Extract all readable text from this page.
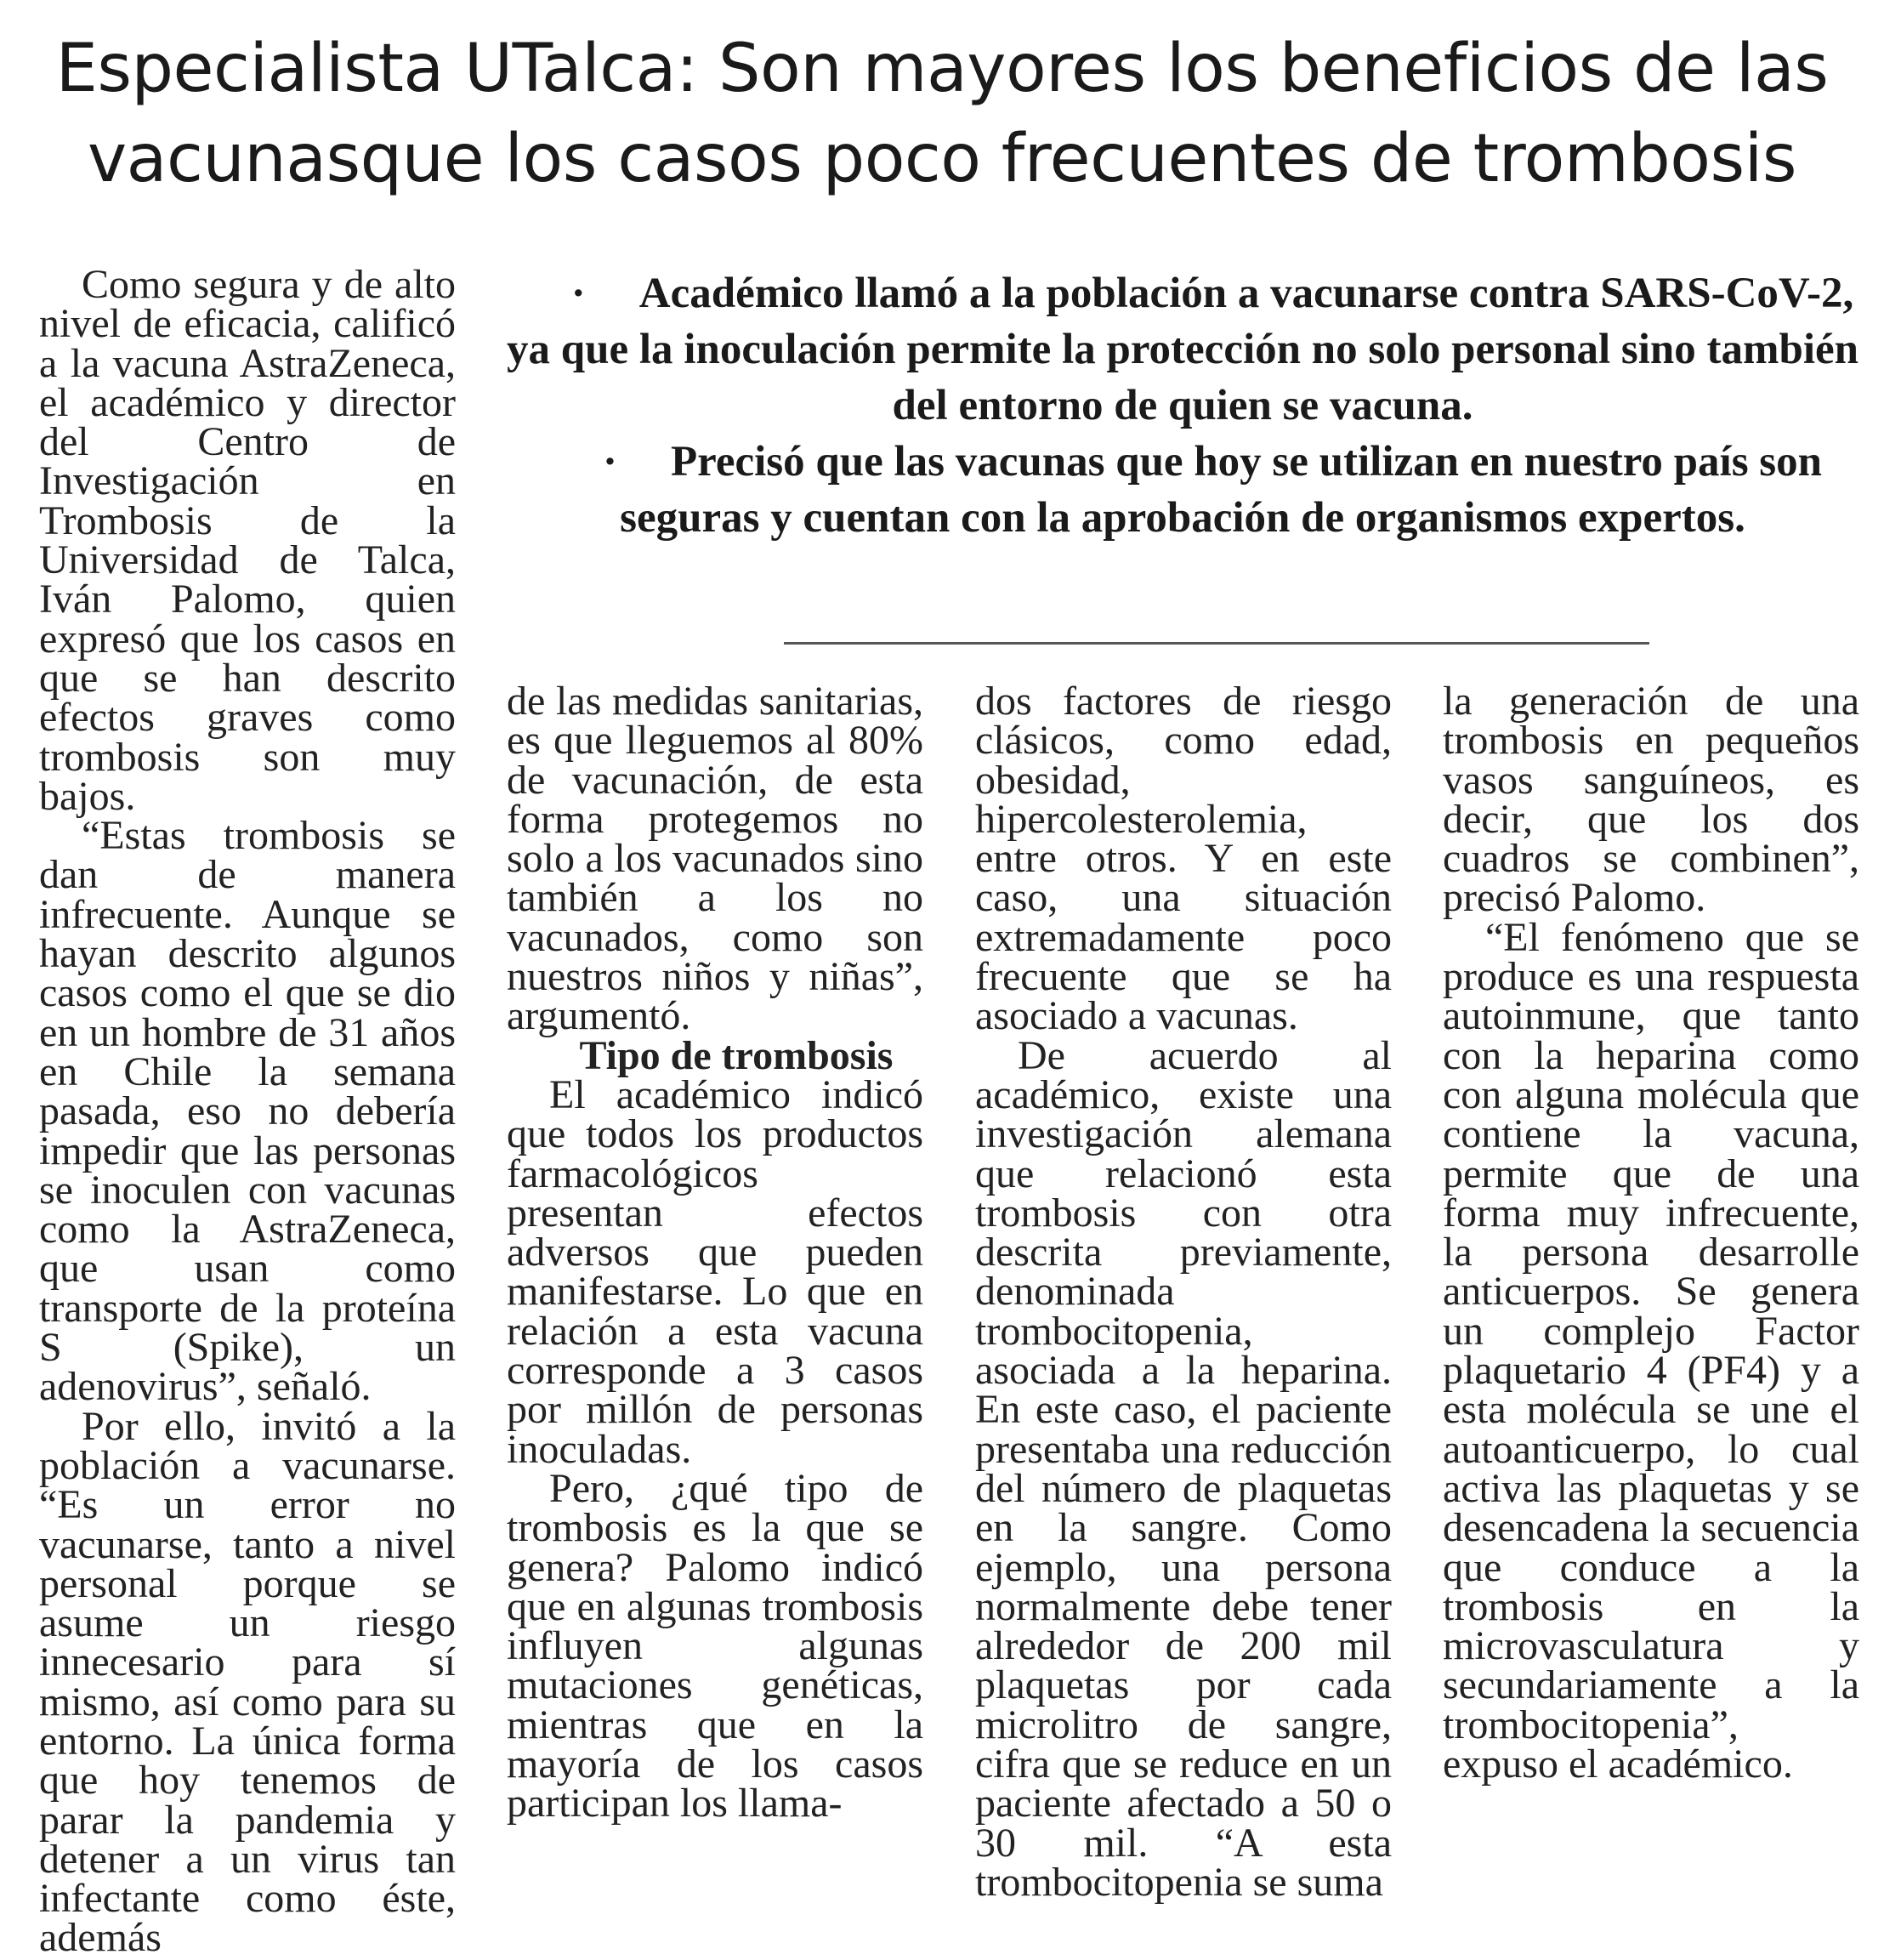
Especialista UTalca: Son mayores los beneficios de las
vacunasque los casos poco frecuentes de trombosis

Como segura y de alto nivel de eficacia, calificó a la vacuna AstraZeneca, el académico y director del Centro de Investigación en Trombosis de la Universidad de Talca, Iván Palomo, quien expresó que los casos en que se han descrito efectos graves como trombosis son muy bajos.

“Estas trombosis se dan de manera infrecuente. Aunque se hayan descrito algunos casos como el que se dio en un hombre de 31 años en Chile la semana pasada, eso no debería impedir que las personas se inoculen con vacunas como la AstraZeneca, que usan como transporte de la proteína S (Spike), un adenovirus”, señaló.

Por ello, invitó a la población a vacunarse. “Es un error no vacunarse, tanto a nivel personal porque se asume un riesgo innecesario para sí mismo, así como para su entorno. La única forma que hoy tenemos de parar la pandemia y detener a un virus tan infectante como éste, además

· Académico llamó a la población a vacunarse contra SARS-CoV-2, ya que la inoculación permite la protección no solo personal sino también del entorno de quien se vacuna.

· Precisó que las vacunas que hoy se utilizan en nuestro país son seguras y cuentan con la aprobación de organismos expertos.

de las medidas sanitarias, es que lleguemos al 80% de vacunación, de esta forma protegemos no solo a los vacunados sino también a los no vacunados, como son nuestros niños y niñas”, argumentó.

Tipo de trombosis

El académico indicó que todos los productos farmacológicos presentan efectos adversos que pueden manifestarse. Lo que en relación a esta vacuna corresponde a 3 casos por millón de personas inoculadas.

Pero, ¿qué tipo de trombosis es la que se genera? Palomo indicó que en algunas trombosis influyen algunas mutaciones genéticas, mientras que en la mayoría de los casos participan los llama-

dos factores de riesgo clásicos, como edad, obesidad, hipercolesterolemia, entre otros. Y en este caso, una situación extremadamente poco frecuente que se ha asociado a vacunas.

De acuerdo al académico, existe una investigación alemana que relacionó esta trombosis con otra descrita previamente, denominada trombocitopenia, asociada a la heparina. En este caso, el paciente presentaba una reducción del número de plaquetas en la sangre. Como ejemplo, una persona normalmente debe tener alrededor de 200 mil plaquetas por cada microlitro de sangre, cifra que se reduce en un paciente afectado a 50 o 30 mil. “A esta trombocitopenia se suma

la generación de una trombosis en pequeños vasos sanguíneos, es decir, que los dos cuadros se combinen”, precisó Palomo.

“El fenómeno que se produce es una respuesta autoinmune, que tanto con la heparina como con alguna molécula que contiene la vacuna, permite que de una forma muy infrecuente, la persona desarrolle anticuerpos. Se genera un complejo Factor plaquetario 4 (PF4) y a esta molécula se une el autoanticuerpo, lo cual activa las plaquetas y se desencadena la secuencia que conduce a la trombosis en la microvasculatura y secundariamente a la trombocitopenia”, expuso el académico.
